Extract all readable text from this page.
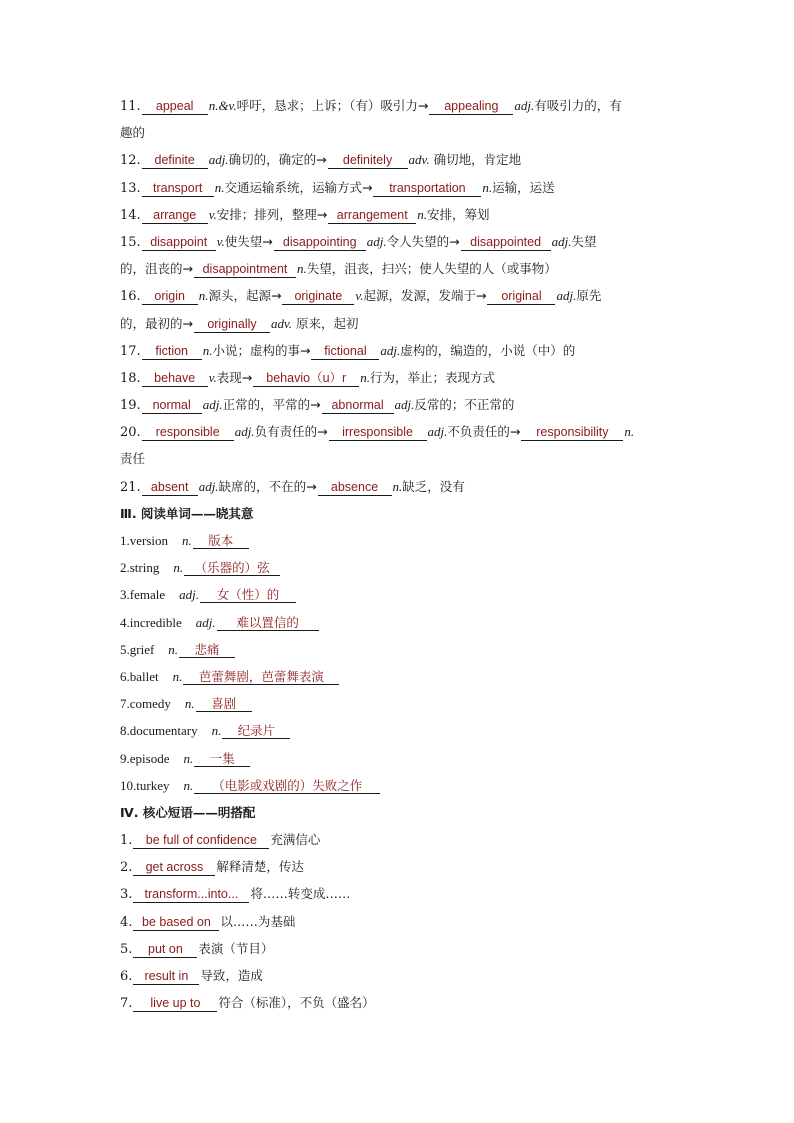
11. appeal n.&v.呼吁，恳求；上诉；（有）吸引力→ appealing adj.有吸引力的，有
趣的
12. definite adj.确切的，确定的→ definitely adv. 确切地，肯定地
13. transport n.交通运输系统，运输方式→ transportation n.运输，运送
14. arrange v.安排；排列，整理→ arrangement n.安排，筹划
15. disappoint v.使失望→ disappointing adj.令人失望的→ disappointed adj.失望
的，沮丧的→ disappointment n.失望，沮丧，扫兴；使人失望的人（或事物）
16. origin n.源头，起源→ originate v.起源，发源，发端于→ original adj.原先
的，最初的→ originally adv. 原来，起初
17. fiction n.小说；虚构的事→ fictional adj.虚构的，编造的，小说（中）的
18. behave v.表现→ behavio（u）r n.行为，举止；表现方式
19. normal adj.正常的，平常的→ abnormal adj.反常的；不正常的
20. responsible adj.负有责任的→ irresponsible adj.不负责任的→ responsibility n.
责任
21. absent adj.缺席的，不在的→ absence n.缺乏，没有
Ⅲ. 阅读单词——晓其意
1.version n. 版本
2.string n. （乐器的）弦
3.female adj. 女（性）的
4.incredible adj. 难以置信的
5.grief n. 悲痛
6.ballet n. 芭蕾舞剧，芭蕾舞表演
7.comedy n. 喜剧
8.documentary n. 纪录片
9.episode n. 一集
10.turkey n. （电影或戏剧的）失败之作
Ⅳ. 核心短语——明搭配
1. be full of confidence 充满信心
2. get across 解释清楚，传达
3. transform...into... 将……转变成……
4. be based on 以……为基础
5. put on 表演（节目）
6. result in 导致，造成
7. live up to 符合（标准），不负（盛名）
